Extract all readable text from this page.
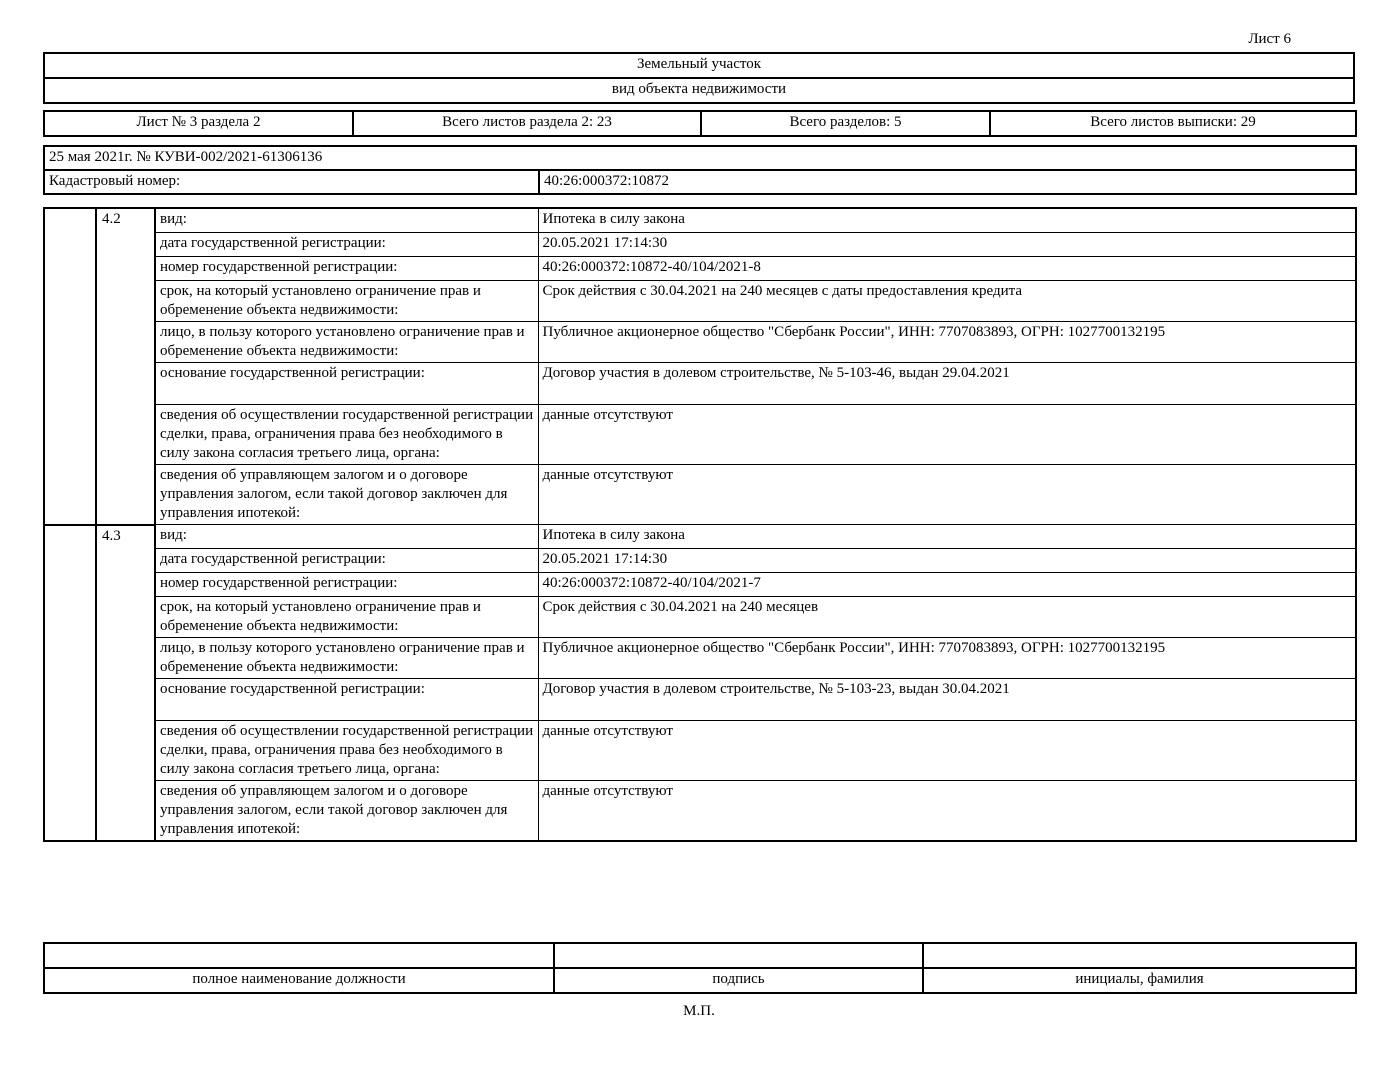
Лист 6
Земельный участок
вид объекта недвижимости
Лист № 3 раздела 2	Всего листов раздела 2: 23	Всего разделов: 5	Всего листов выписки: 29
25 мая 2021г. № КУВИ-002/2021-61306136
Кадастровый номер:	40:26:000372:10872
	4.2	вид:	Ипотека в силу закона
		дата государственной регистрации:	20.05.2021 17:14:30
		номер государственной регистрации:	40:26:000372:10872-40/104/2021-8
		срок, на который установлено ограничение прав и обременение объекта недвижимости:	Срок действия с 30.04.2021 на 240 месяцев с даты предоставления кредита
		лицо, в пользу которого установлено ограничение прав и обременение объекта недвижимости:	Публичное акционерное общество "Сбербанк России", ИНН: 7707083893, ОГРН: 1027700132195
		основание государственной регистрации:	Договор участия в долевом строительстве, № 5-103-46, выдан 29.04.2021
		сведения об осуществлении государственной регистрации сделки, права, ограничения права без необходимого в силу закона согласия третьего лица, органа:	данные отсутствуют
		сведения об управляющем залогом и о договоре управления залогом, если такой договор заключен для управления ипотекой:	данные отсутствуют
	4.3	вид:	Ипотека в силу закона
		дата государственной регистрации:	20.05.2021 17:14:30
		номер государственной регистрации:	40:26:000372:10872-40/104/2021-7
		срок, на который установлено ограничение прав и обременение объекта недвижимости:	Срок действия с 30.04.2021 на 240 месяцев
		лицо, в пользу которого установлено ограничение прав и обременение объекта недвижимости:	Публичное акционерное общество "Сбербанк России", ИНН: 7707083893, ОГРН: 1027700132195
		основание государственной регистрации:	Договор участия в долевом строительстве, № 5-103-23, выдан 30.04.2021
		сведения об осуществлении государственной регистрации сделки, права, ограничения права без необходимого в силу закона согласия третьего лица, органа:	данные отсутствуют
		сведения об управляющем залогом и о договоре управления залогом, если такой договор заключен для управления ипотекой:	данные отсутствуют

полное наименование должности	подпись	инициалы, фамилия
М.П.
